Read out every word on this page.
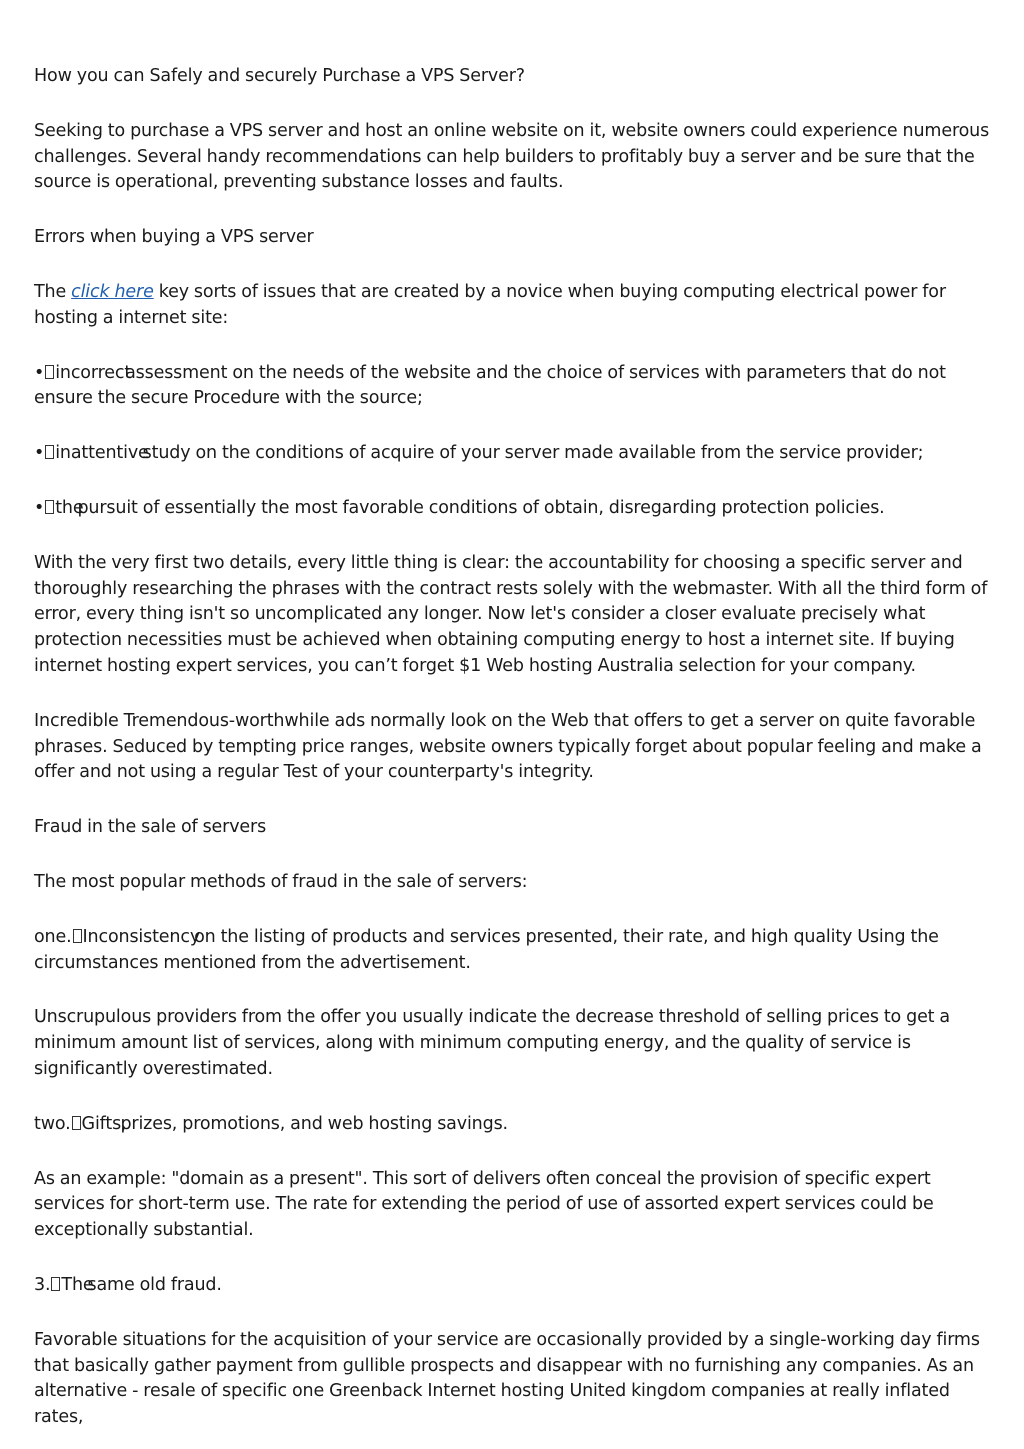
How you can Safely and securely Purchase a VPS Server?

Seeking to purchase a VPS server and host an online website on it, website owners could experience numerous challenges. Several handy recommendations can help builders to profitably buy a server and be sure that the source is operational, preventing substance losses and faults.

Errors when buying a VPS server

The click here key sorts of issues that are created by a novice when buying computing electrical power for hosting a internet site:

• incorrectassessment on the needs of the website and the choice of services with parameters that do not ensure the secure Procedure with the source;

• inattentivestudy on the conditions of acquire of your server made available from the service provider;

• thepursuit of essentially the most favorable conditions of obtain, disregarding protection policies.

With the very first two details, every little thing is clear: the accountability for choosing a specific server and thoroughly researching the phrases with the contract rests solely with the webmaster. With all the third form of error, every thing isn't so uncomplicated any longer. Now let's consider a closer evaluate precisely what protection necessities must be achieved when obtaining computing energy to host a internet site. If buying internet hosting expert services, you can’t forget $1 Web hosting Australia selection for your company.

Incredible Tremendous-worthwhile ads normally look on the Web that offers to get a server on quite favorable phrases. Seduced by tempting price ranges, website owners typically forget about popular feeling and make a offer and not using a regular Test of your counterparty's integrity.

Fraud in the sale of servers

The most popular methods of fraud in the sale of servers:

one. Inconsistencyon the listing of products and services presented, their rate, and high quality Using the circumstances mentioned from the advertisement.

Unscrupulous providers from the offer you usually indicate the decrease threshold of selling prices to get a minimum amount list of services, along with minimum computing energy, and the quality of service is significantly overestimated.

two. Gifts,prizes, promotions, and web hosting savings.

As an example: "domain as a present". This sort of delivers often conceal the provision of specific expert services for short-term use. The rate for extending the period of use of assorted expert services could be exceptionally substantial.

3. Thesame old fraud.

Favorable situations for the acquisition of your service are occasionally provided by a single-working day firms that basically gather payment from gullible prospects and disappear with no furnishing any companies. As an alternative - resale of specific one Greenback Internet hosting United kingdom companies at really inflated rates,
